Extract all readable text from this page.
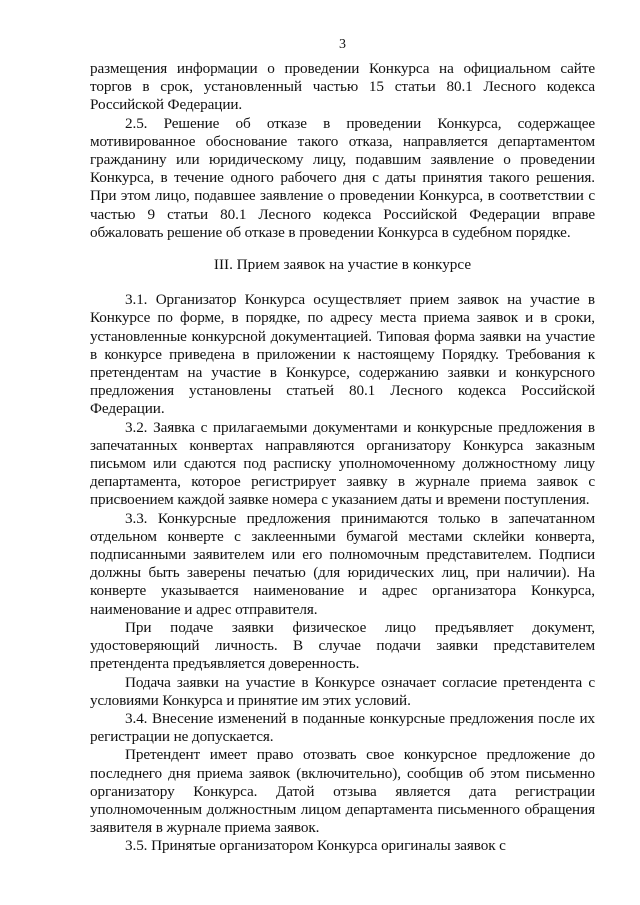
3

размещения информации о проведении Конкурса на официальном сайте торгов в срок, установленный частью 15 статьи 80.1 Лесного кодекса Российской Федерации.

2.5. Решение об отказе в проведении Конкурса, содержащее мотивированное обоснование такого отказа, направляется департаментом гражданину или юридическому лицу, подавшим заявление о проведении Конкурса, в течение одного рабочего дня с даты принятия такого решения. При этом лицо, подавшее заявление о проведении Конкурса, в соответствии с частью 9 статьи 80.1 Лесного кодекса Российской Федерации вправе обжаловать решение об отказе в проведении Конкурса в судебном порядке.

III. Прием заявок на участие в конкурсе

3.1. Организатор Конкурса осуществляет прием заявок на участие в Конкурсе по форме, в порядке, по адресу места приема заявок и в сроки, установленные конкурсной документацией. Типовая форма заявки на участие в конкурсе приведена в приложении к настоящему Порядку. Требования к претендентам на участие в Конкурсе, содержанию заявки и конкурсного предложения установлены статьей 80.1 Лесного кодекса Российской Федерации.

3.2. Заявка с прилагаемыми документами и конкурсные предложения в запечатанных конвертах направляются организатору Конкурса заказным письмом или сдаются под расписку уполномоченному должностному лицу департамента, которое регистрирует заявку в журнале приема заявок с присвоением каждой заявке номера с указанием даты и времени поступления.

3.3. Конкурсные предложения принимаются только в запечатанном отдельном конверте с заклеенными бумагой местами склейки конверта, подписанными заявителем или его полномочным представителем. Подписи должны быть заверены печатью (для юридических лиц, при наличии). На конверте указывается наименование и адрес организатора Конкурса, наименование и адрес отправителя.

При подаче заявки физическое лицо предъявляет документ, удостоверяющий личность. В случае подачи заявки представителем претендента предъявляется доверенность.

Подача заявки на участие в Конкурсе означает согласие претендента с условиями Конкурса и принятие им этих условий.

3.4. Внесение изменений в поданные конкурсные предложения после их регистрации не допускается.

Претендент имеет право отозвать свое конкурсное предложение до последнего дня приема заявок (включительно), сообщив об этом письменно организатору Конкурса. Датой отзыва является дата регистрации уполномоченным должностным лицом департамента письменного обращения заявителя в журнале приема заявок.

3.5. Принятые организатором Конкурса оригиналы заявок с
